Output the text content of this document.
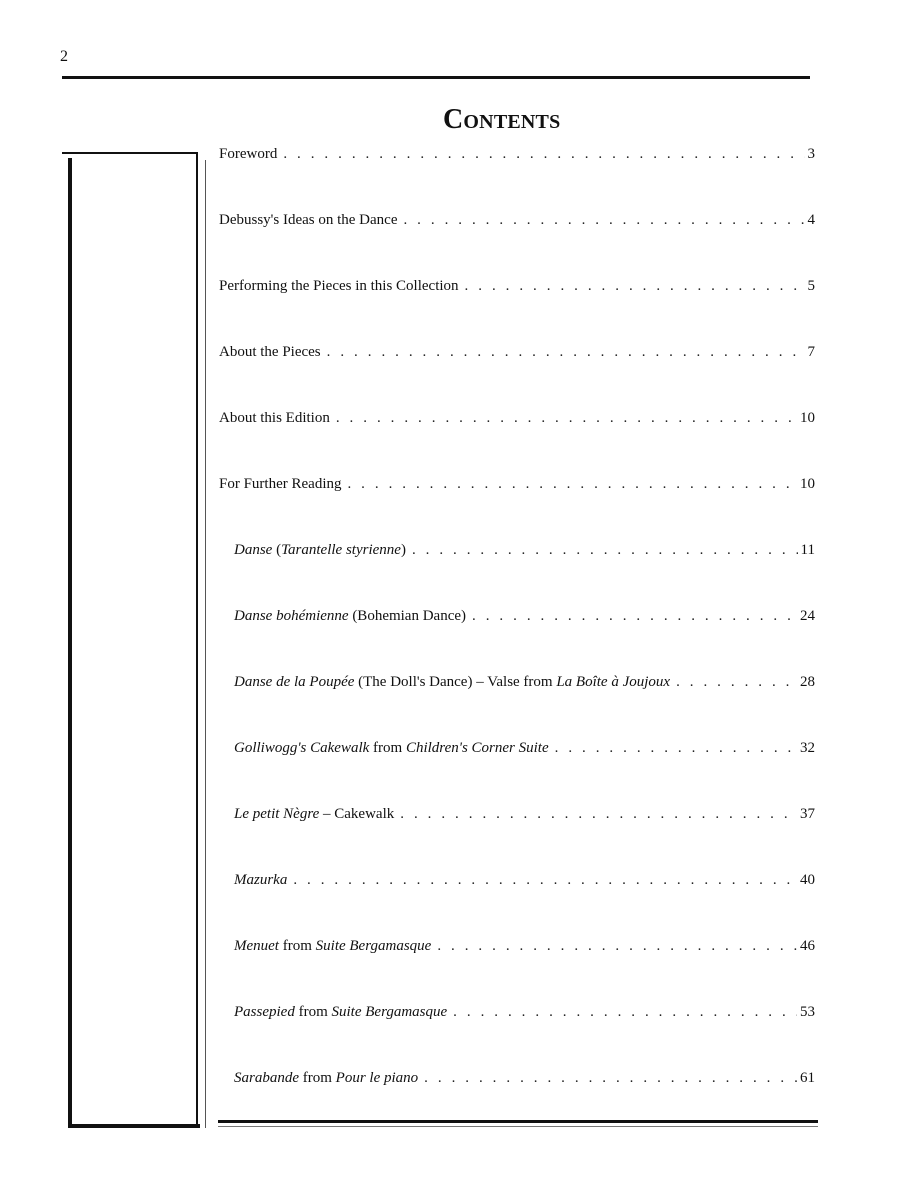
2
Contents
Foreword . . .	3
Debussy's Ideas on the Dance . . .	4
Performing the Pieces in this Collection . . .	5
About the Pieces . . .	7
About this Edition . . .	10
For Further Reading . . .	10
Danse (Tarantelle styrienne) . . .	11
Danse bohémienne (Bohemian Dance) . . .	24
Danse de la Poupée (The Doll's Dance) – Valse from La Boîte à Joujoux . . .	28
Golliwogg's Cakewalk from Children's Corner Suite . . .	32
Le petit Nègre – Cakewalk . . .	37
Mazurka . . .	40
Menuet from Suite Bergamasque . . .	46
Passepied from Suite Bergamasque . . .	53
Sarabande from Pour le piano . . .	61
